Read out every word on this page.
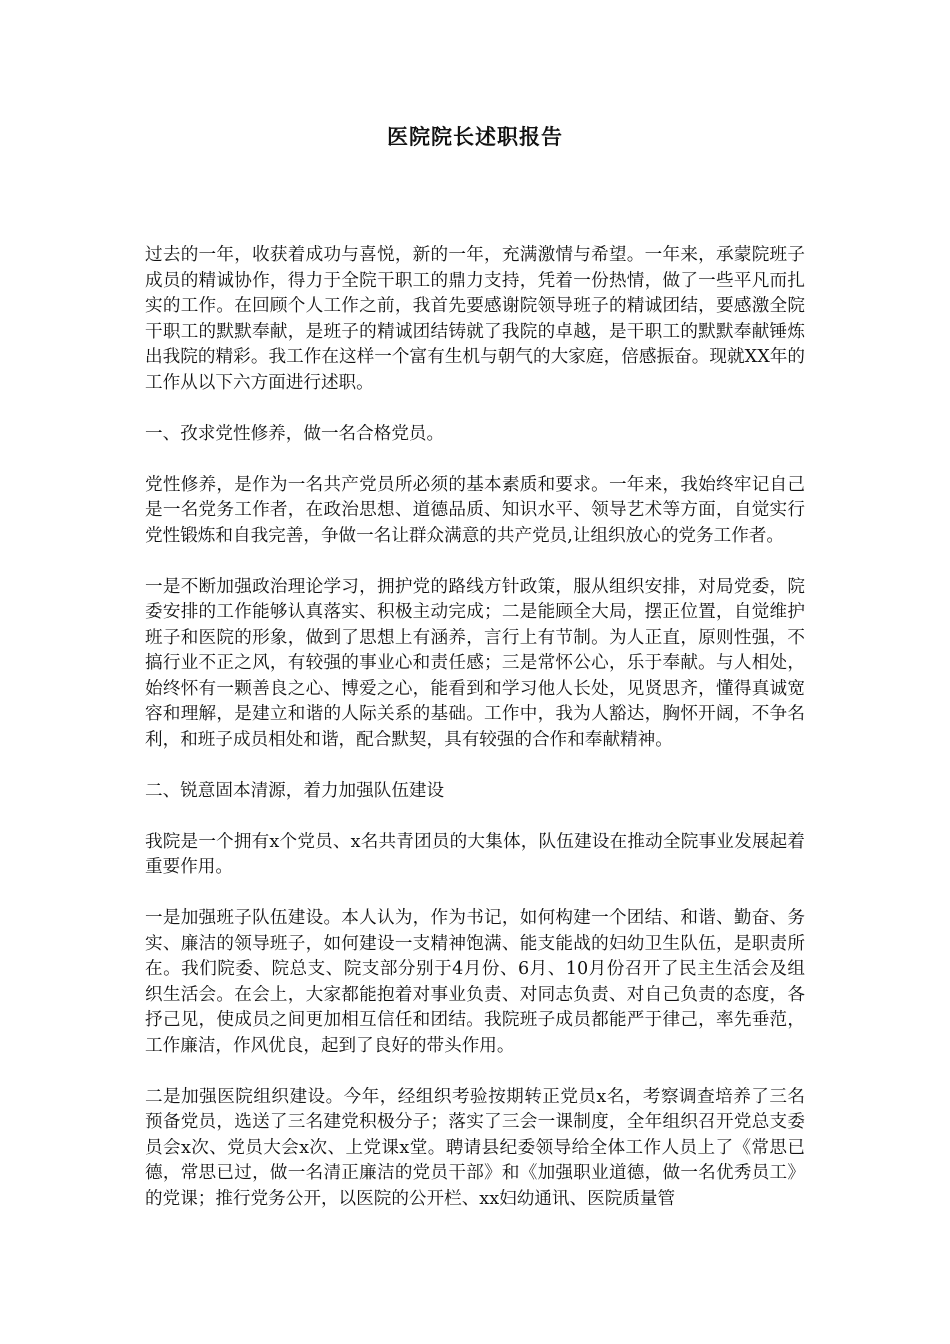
医院院长述职报告

过去的一年，收获着成功与喜悦，新的一年，充满激情与希望。一年来，承蒙院班子成员的精诚协作，得力于全院干职工的鼎力支持，凭着一份热情，做了一些平凡而扎实的工作。在回顾个人工作之前，我首先要感谢院领导班子的精诚团结，要感激全院干职工的默默奉献，是班子的精诚团结铸就了我院的卓越，是干职工的默默奉献锤炼出我院的精彩。我工作在这样一个富有生机与朝气的大家庭，倍感振奋。现就XX年的工作从以下六方面进行述职。

一、孜求党性修养，做一名合格党员。

党性修养，是作为一名共产党员所必须的基本素质和要求。一年来，我始终牢记自己是一名党务工作者，在政治思想、道德品质、知识水平、领导艺术等方面，自觉实行党性锻炼和自我完善，争做一名让群众满意的共产党员,让组织放心的党务工作者。

一是不断加强政治理论学习，拥护党的路线方针政策，服从组织安排，对局党委，院委安排的工作能够认真落实、积极主动完成；二是能顾全大局，摆正位置，自觉维护班子和医院的形象，做到了思想上有涵养，言行上有节制。为人正直，原则性强，不搞行业不正之风，有较强的事业心和责任感；三是常怀公心，乐于奉献。与人相处，始终怀有一颗善良之心、博爱之心，能看到和学习他人长处，见贤思齐，懂得真诚宽容和理解，是建立和谐的人际关系的基础。工作中，我为人豁达，胸怀开阔，不争名利，和班子成员相处和谐，配合默契，具有较强的合作和奉献精神。

二、锐意固本清源，着力加强队伍建设

我院是一个拥有x个党员、x名共青团员的大集体，队伍建设在推动全院事业发展起着重要作用。

一是加强班子队伍建设。本人认为，作为书记，如何构建一个团结、和谐、勤奋、务实、廉洁的领导班子，如何建设一支精神饱满、能支能战的妇幼卫生队伍，是职责所在。我们院委、院总支、院支部分别于4月份、6月、10月份召开了民主生活会及组织生活会。在会上，大家都能抱着对事业负责、对同志负责、对自己负责的态度，各抒己见，使成员之间更加相互信任和团结。我院班子成员都能严于律己，率先垂范，工作廉洁，作风优良，起到了良好的带头作用。

二是加强医院组织建设。今年，经组织考验按期转正党员x名，考察调查培养了三名预备党员，选送了三名建党积极分子；落实了三会一课制度，全年组织召开党总支委员会x次、党员大会x次、上党课x堂。聘请县纪委领导给全体工作人员上了《常思已德，常思已过，做一名清正廉洁的党员干部》和《加强职业道德，做一名优秀员工》的党课；推行党务公开，以医院的公开栏、xx妇幼通讯、医院质量管
